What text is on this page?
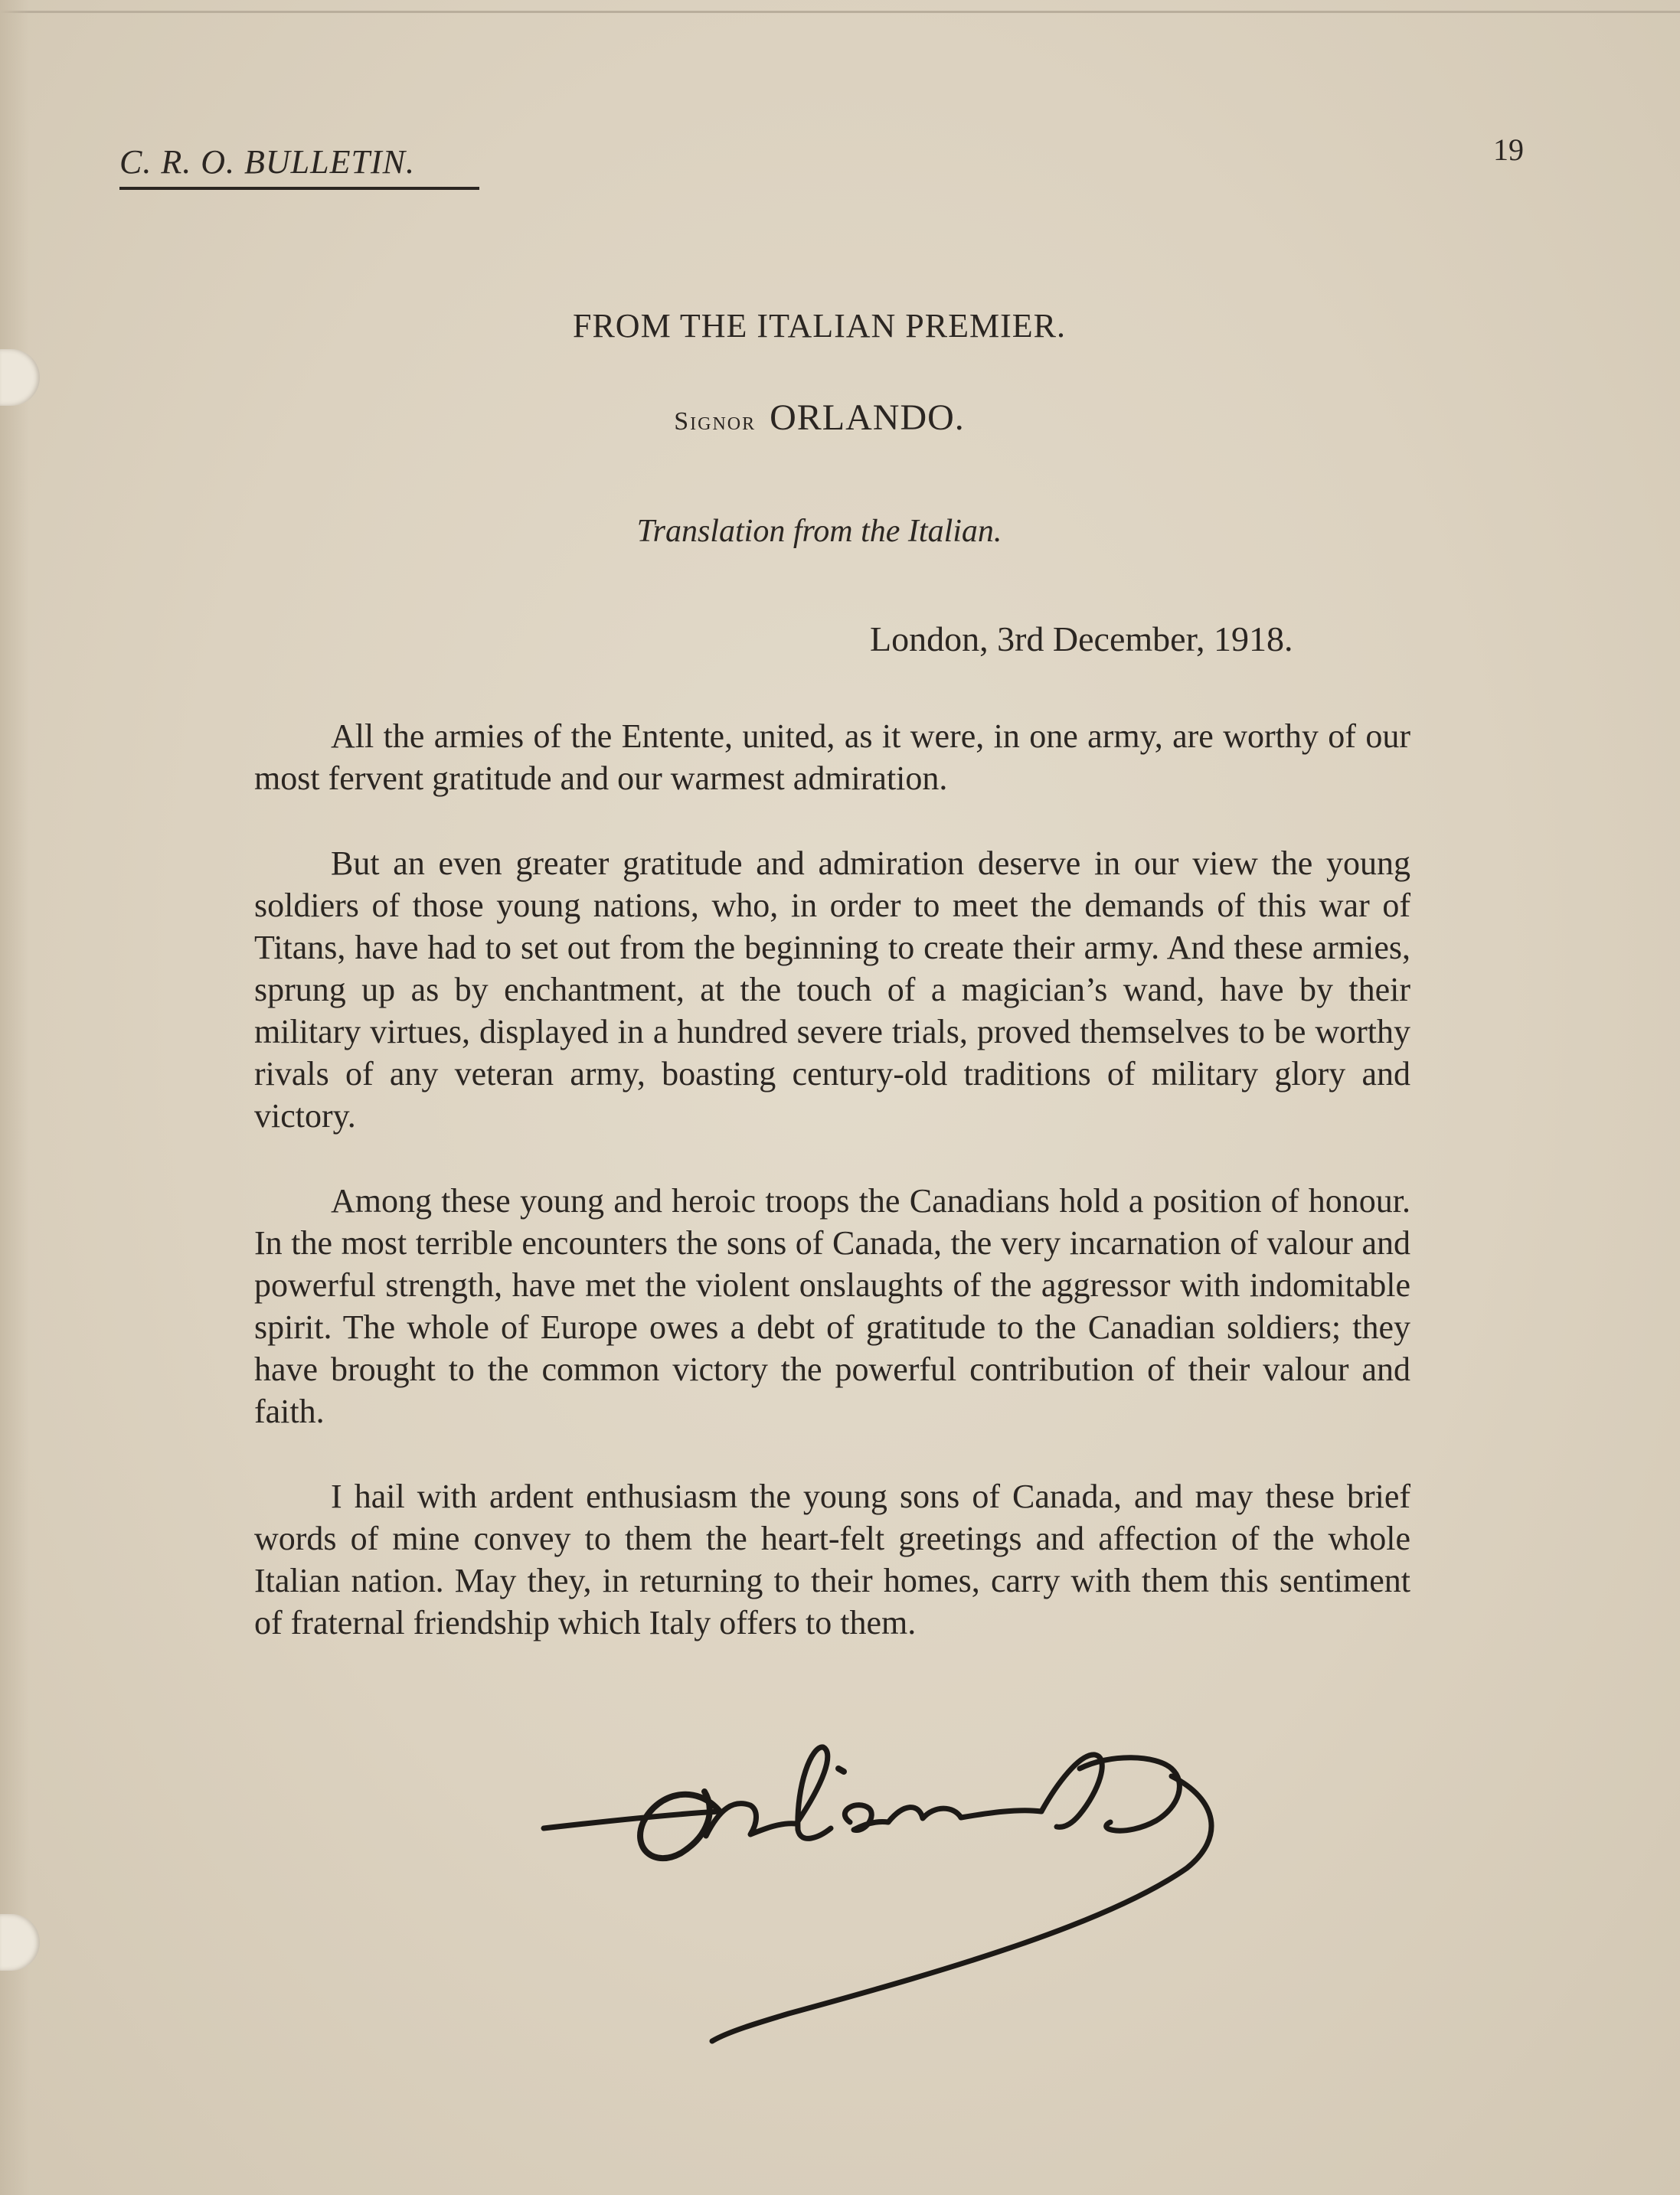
C. R. O. BULLETIN.	19
FROM THE ITALIAN PREMIER.
Signor ORLANDO.
Translation from the Italian.
London, 3rd December, 1918.

All the armies of the Entente, united, as it were, in one army, are worthy of our most fervent gratitude and our warmest admiration.

But an even greater gratitude and admiration deserve in our view the young soldiers of those young nations, who, in order to meet the demands of this war of Titans, have had to set out from the beginning to create their army. And these armies, sprung up as by enchantment, at the touch of a magician’s wand, have by their military virtues, displayed in a hundred severe trials, proved themselves to be worthy rivals of any veteran army, boasting century-old traditions of military glory and victory.

Among these young and heroic troops the Canadians hold a position of honour. In the most terrible encounters the sons of Canada, the very incarnation of valour and powerful strength, have met the violent onslaughts of the aggressor with indomitable spirit. The whole of Europe owes a debt of gratitude to the Canadian soldiers; they have brought to the common victory the powerful contribution of their valour and faith.

I hail with ardent enthusiasm the young sons of Canada, and may these brief words of mine convey to them the heart-felt greetings and affection of the whole Italian nation. May they, in returning to their homes, carry with them this sentiment of fraternal friendship which Italy offers to them.
